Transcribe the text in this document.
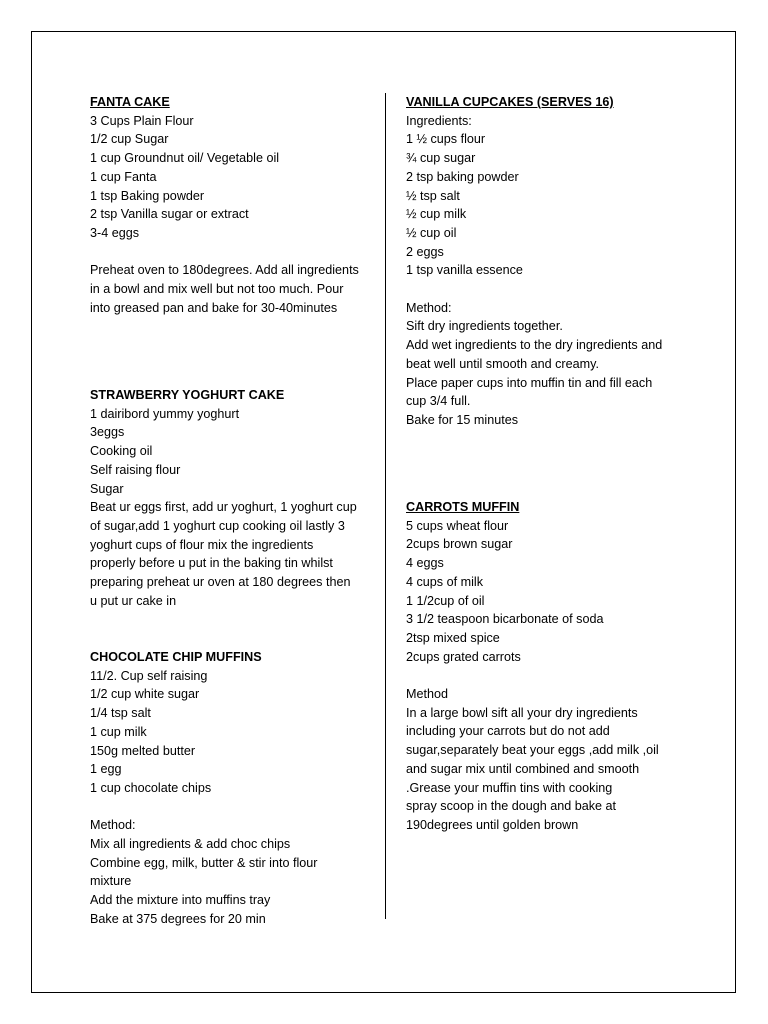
FANTA CAKE
3 Cups Plain Flour
1/2 cup Sugar
1 cup Groundnut oil/ Vegetable oil
1 cup Fanta
1 tsp Baking powder
2 tsp Vanilla sugar or extract
3-4 eggs
Preheat oven to 180degrees. Add all ingredients
in a bowl and mix well but not too much. Pour
into greased pan and bake for 30-40minutes
STRAWBERRY YOGHURT CAKE
1 dairibord yummy yoghurt
3eggs
Cooking oil
Self raising flour
Sugar
Beat ur eggs first, add ur yoghurt, 1 yoghurt cup
of sugar,add 1 yoghurt cup cooking oil lastly 3
yoghurt cups of flour mix the ingredients
properly before u put in the baking tin whilst
preparing preheat ur oven at 180 degrees then
u put ur cake in
CHOCOLATE CHIP MUFFINS
11/2. Cup self raising
1/2 cup white sugar
1/4 tsp salt
1 cup milk
150g melted butter
1 egg
1 cup chocolate chips
Method:
Mix all ingredients & add choc chips
Combine egg, milk, butter & stir into flour
mixture
Add the mixture into muffins tray
Bake at 375 degrees for 20 min
VANILLA CUPCAKES (SERVES 16)
Ingredients:
1 ½ cups flour
¾ cup sugar
2 tsp baking powder
½ tsp salt
½ cup milk
½ cup oil
2 eggs
1 tsp vanilla essence
Method:
Sift dry ingredients together.
Add wet ingredients to the dry ingredients and
beat well until smooth and creamy.
Place paper cups into muffin tin and fill each
cup 3/4 full.
Bake for 15 minutes
CARROTS MUFFIN
5 cups wheat flour
2cups brown sugar
4 eggs
4 cups of milk
1 1/2cup of oil
3 1/2 teaspoon bicarbonate of soda
2tsp mixed spice
2cups grated carrots
Method
In a large bowl sift all your dry ingredients
including your carrots but do not add
sugar,separately beat your eggs ,add milk ,oil
and sugar mix until combined and smooth
.Grease your muffin tins with cooking
spray scoop in the dough and bake at
190degrees until golden brown
